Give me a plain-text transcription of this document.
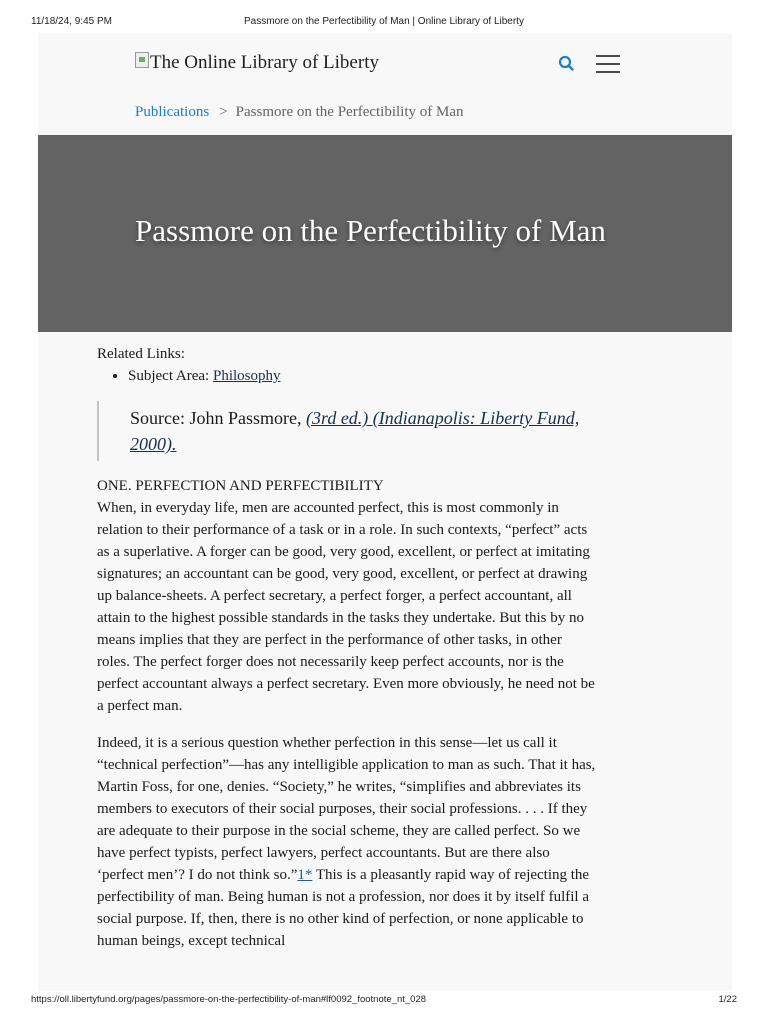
11/18/24, 9:45 PM	Passmore on the Perfectibility of Man | Online Library of Liberty
The Online Library of Liberty
Publications > Passmore on the Perfectibility of Man
Passmore on the Perfectibility of Man

Related Links:

• Subject Area: Philosophy
Source: John Passmore, (3rd ed.) (Indianapolis: Liberty Fund, 2000).
ONE. PERFECTION AND PERFECTIBILITY

When, in everyday life, men are accounted perfect, this is most commonly in relation to their performance of a task or in a role. In such contexts, “perfect” acts as a superlative. A forger can be good, very good, excellent, or perfect at imitating signatures; an accountant can be good, very good, excellent, or perfect at drawing up balance-sheets. A perfect secretary, a perfect forger, a perfect accountant, all attain to the highest possible standards in the tasks they undertake. But this by no means implies that they are perfect in the performance of other tasks, in other roles. The perfect forger does not necessarily keep perfect accounts, nor is the perfect accountant always a perfect secretary. Even more obviously, he need not be a perfect man.

Indeed, it is a serious question whether perfection in this sense—let us call it “technical perfection”—has any intelligible application to man as such. That it has, Martin Foss, for one, denies. “Society,” he writes, “simplifies and abbreviates its members to executors of their social purposes, their social professions. . . . If they are adequate to their purpose in the social scheme, they are called perfect. So we have perfect typists, perfect lawyers, perfect accountants. But are there also ‘perfect men’? I do not think so.”1* This is a pleasantly rapid way of rejecting the perfectibility of man. Being human is not a profession, nor does it by itself fulfil a social purpose. If, then, there is no other kind of perfection, or none applicable to human beings, except technical

https://oll.libertyfund.org/pages/passmore-on-the-perfectibility-of-man#lf0092_footnote_nt_028	1/22
